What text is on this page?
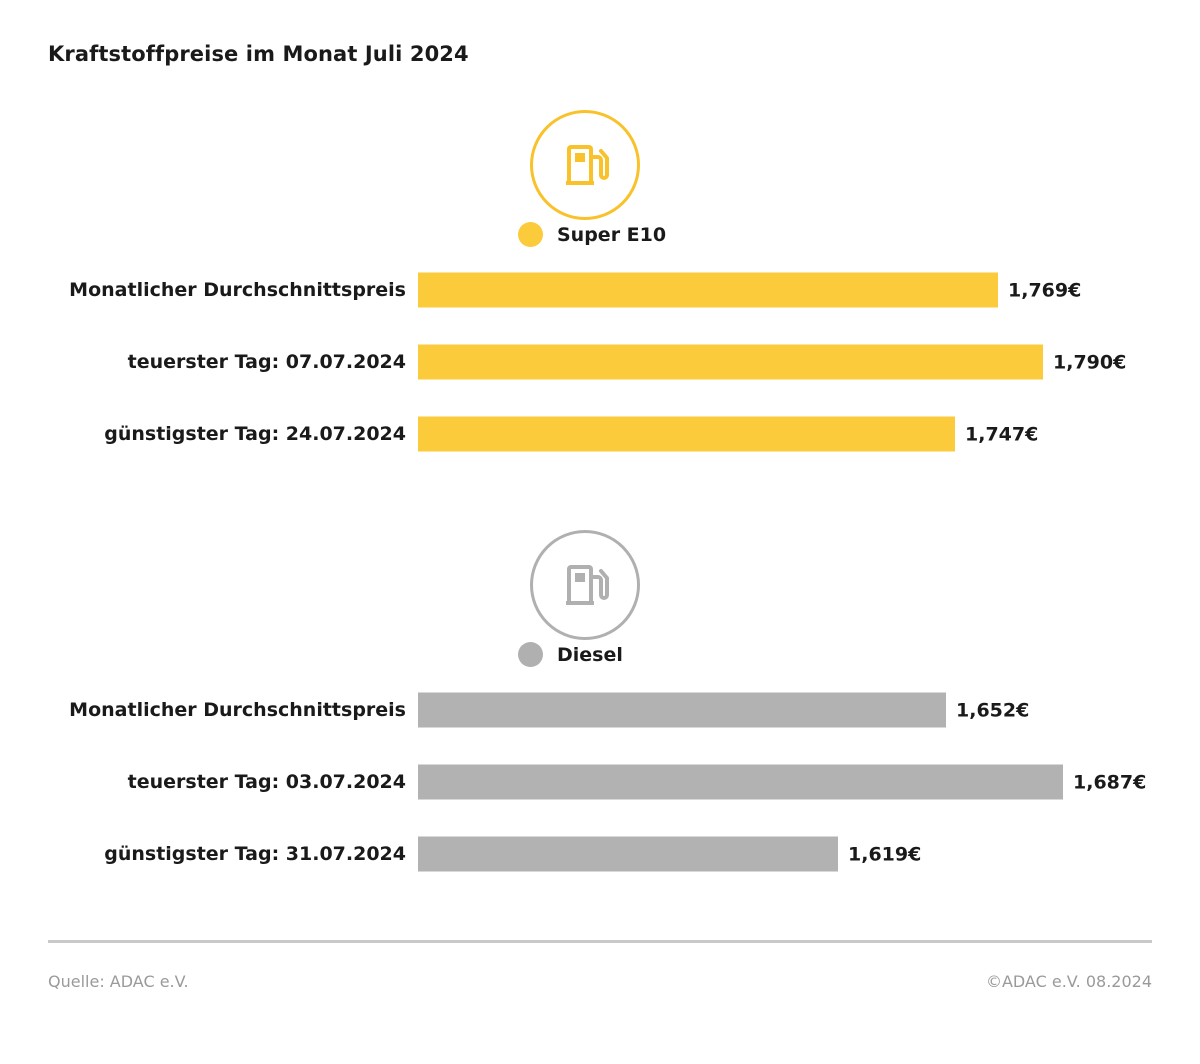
Kraftstoffpreise im Monat Juli 2024
Super E10
Monatlicher Durchschnittspreis	1,769€
teuerster Tag: 07.07.2024	1,790€
günstigster Tag: 24.07.2024	1,747€
Diesel
Monatlicher Durchschnittspreis	1,652€
teuerster Tag: 03.07.2024	1,687€
günstigster Tag: 31.07.2024	1,619€
Quelle: ADAC e.V.	©ADAC e.V. 08.2024
